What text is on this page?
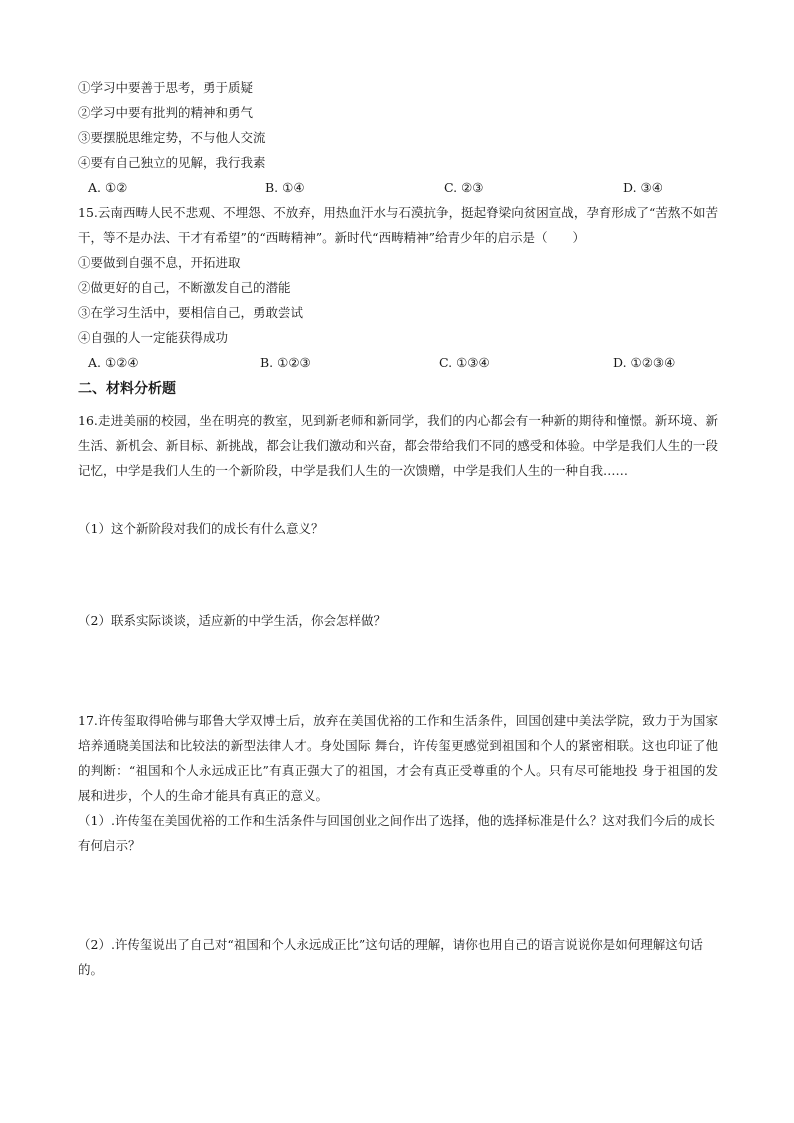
①学习中要善于思考，勇于质疑
②学习中要有批判的精神和勇气
③要摆脱思维定势，不与他人交流
④要有自己独立的见解，我行我素
A. ①②	B. ①④	C. ②③	D. ③④
15.云南西畴人民不悲观、不埋怨、不放弃，用热血汗水与石漠抗争，挺起脊梁向贫困宣战，孕育形成了“苦熬不如苦干，等不是办法、干才有希望”的“西畴精神”。新时代“西畴精神”给青少年的启示是（　　）
①要做到自强不息，开拓进取
②做更好的自己，不断激发自己的潜能
③在学习生活中，要相信自己，勇敢尝试
④自强的人一定能获得成功
A. ①②④	B. ①②③	C. ①③④	D. ①②③④
二、材料分析题
16.走进美丽的校园，坐在明亮的教室，见到新老师和新同学，我们的内心都会有一种新的期待和憧憬。新环境、新生活、新机会、新目标、新挑战，都会让我们激动和兴奋，都会带给我们不同的感受和体验。中学是我们人生的一段记忆，中学是我们人生的一个新阶段，中学是我们人生的一次馈赠，中学是我们人生的一种自我……
（1）这个新阶段对我们的成长有什么意义？
（2）联系实际谈谈，适应新的中学生活，你会怎样做？
17.许传玺取得哈佛与耶鲁大学双博士后，放弃在美国优裕的工作和生活条件，回国创建中美法学院，致力于为国家培养通晓美国法和比较法的新型法律人才。身处国际 舞台，许传玺更感觉到祖国和个人的紧密相联。这也印证了他的判断：“祖国和个人永远成正比”有真正强大了的祖国，才会有真正受尊重的个人。只有尽可能地投 身于祖国的发展和进步，个人的生命才能具有真正的意义。
（1）.许传玺在美国优裕的工作和生活条件与回国创业之间作出了选择，他的选择标准是什么？这对我们今后的成长有何启示？
（2）.许传玺说出了自己对“祖国和个人永远成正比”这句话的理解，请你也用自己的语言说说你是如何理解这句话的。
